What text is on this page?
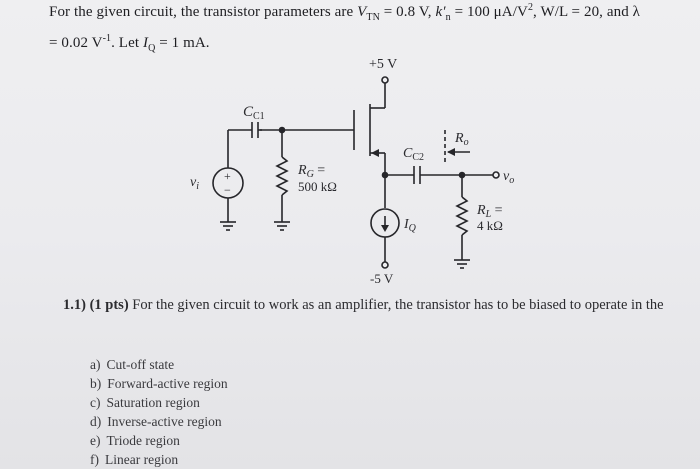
For the given circuit, the transistor parameters are $V_{TN} = 0.8$ V, $k'_n = 100$ $\mu A/V^2$, W/L = 20, and λ
= 0.02 $V^{-1}$. Let $I_Q = 1$ mA.
+5 V
-5 V
$C_{C1}$
$C_{C2}$
$R_o$
$R_G$ =
500 kΩ
$R_L$ =
4 kΩ
$v_i$
$v_o$
$I_Q$
+
−
1.1) (1 pts) For the given circuit to work as an amplifier, the transistor has to be biased to operate in the
a) Cut-off state
b) Forward-active region
c) Saturation region
d) Inverse-active region
e) Triode region
f) Linear region
